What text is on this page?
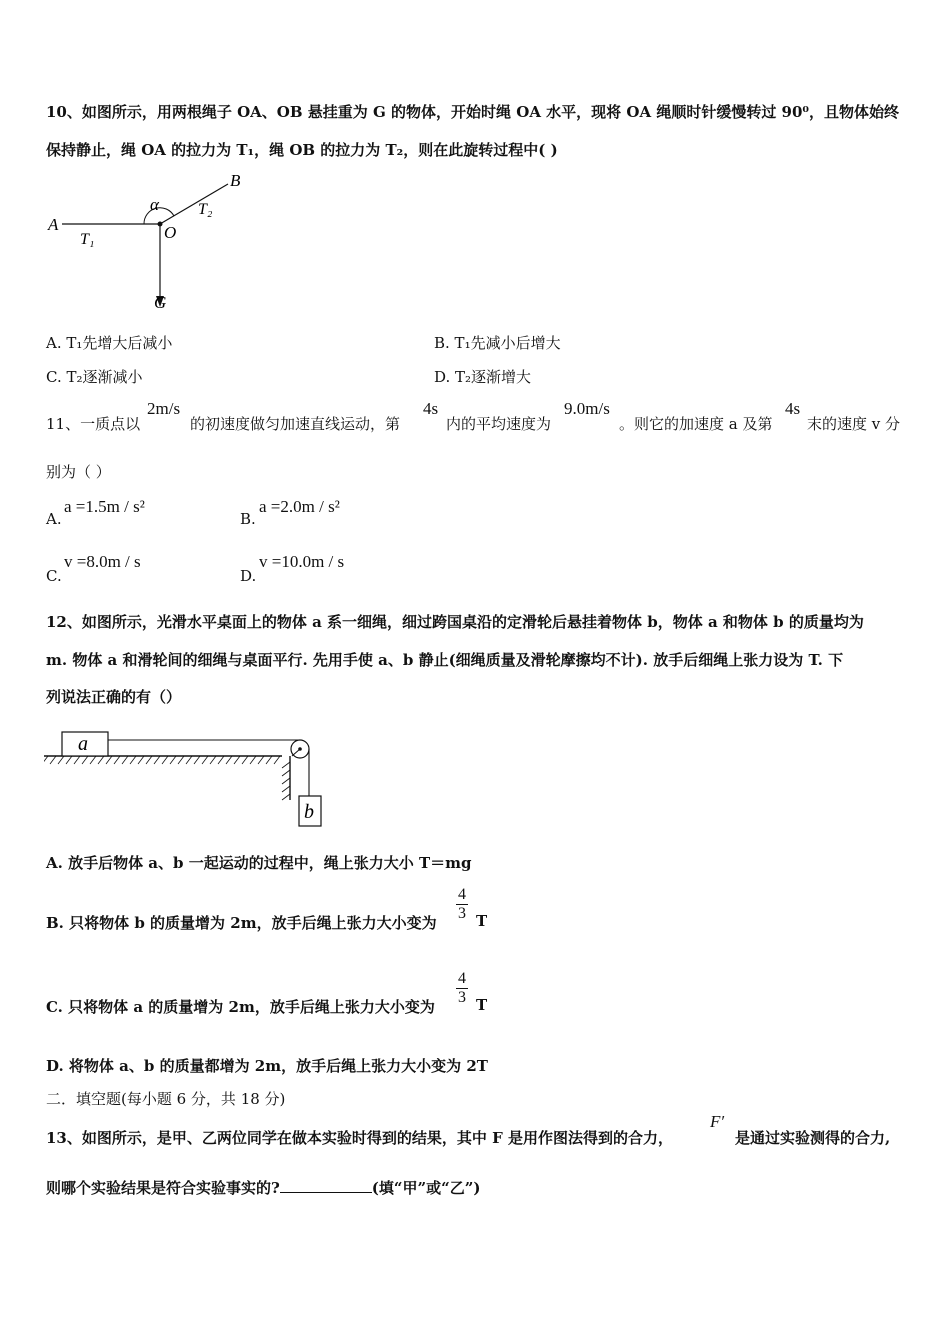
10、如图所示，用两根绳子 OA、OB 悬挂重为 G 的物体，开始时绳 OA 水平，现将 OA 绳顺时针缓慢转过 90⁰，且物体始终
保持静止，绳 OA 的拉力为 T₁，绳 OB 的拉力为 T₂，则在此旋转过程中( )
A
B
O
G
T₁
T₂
α
A. T₁先增大后减小	B. T₁先减小后增大
C. T₂逐渐减小	D. T₂逐渐增大
11、一质点以
2m/s
的初速度做匀加速直线运动，第
4s
内的平均速度为
9.0m/s
。则它的加速度 a 及第
4s
末的速度 v 分
别为（ ）
A.
a =1.5m / s²
B.
a =2.0m / s²
C.
v =8.0m / s
D.
v =10.0m / s
12、如图所示，光滑水平桌面上的物体 a 系一细绳，细过跨国桌沿的定滑轮后悬挂着物体 b，物体 a 和物体 b 的质量均为
m. 物体 a 和滑轮间的细绳与桌面平行. 先用手使 a、b 静止(细绳质量及滑轮摩擦均不计). 放手后细绳上张力设为 T. 下
列说法正确的有（）
a
b
A. 放手后物体 a、b 一起运动的过程中，绳上张力大小 T＝mg
B. 只将物体 b 的质量增为 2m，放手后绳上张力大小变为
4
3 T
C. 只将物体 a 的质量增为 2m，放手后绳上张力大小变为
4
3 T
D. 将物体 a、b 的质量都增为 2m，放手后绳上张力大小变为 2T
二．填空题(每小题 6 分，共 18 分)
13、如图所示，是甲、乙两位同学在做本实验时得到的结果，其中 F 是用作图法得到的合力，
F′
是通过实验测得的合力,
则哪个实验结果是符合实验事实的?	(填“甲”或“乙”)
